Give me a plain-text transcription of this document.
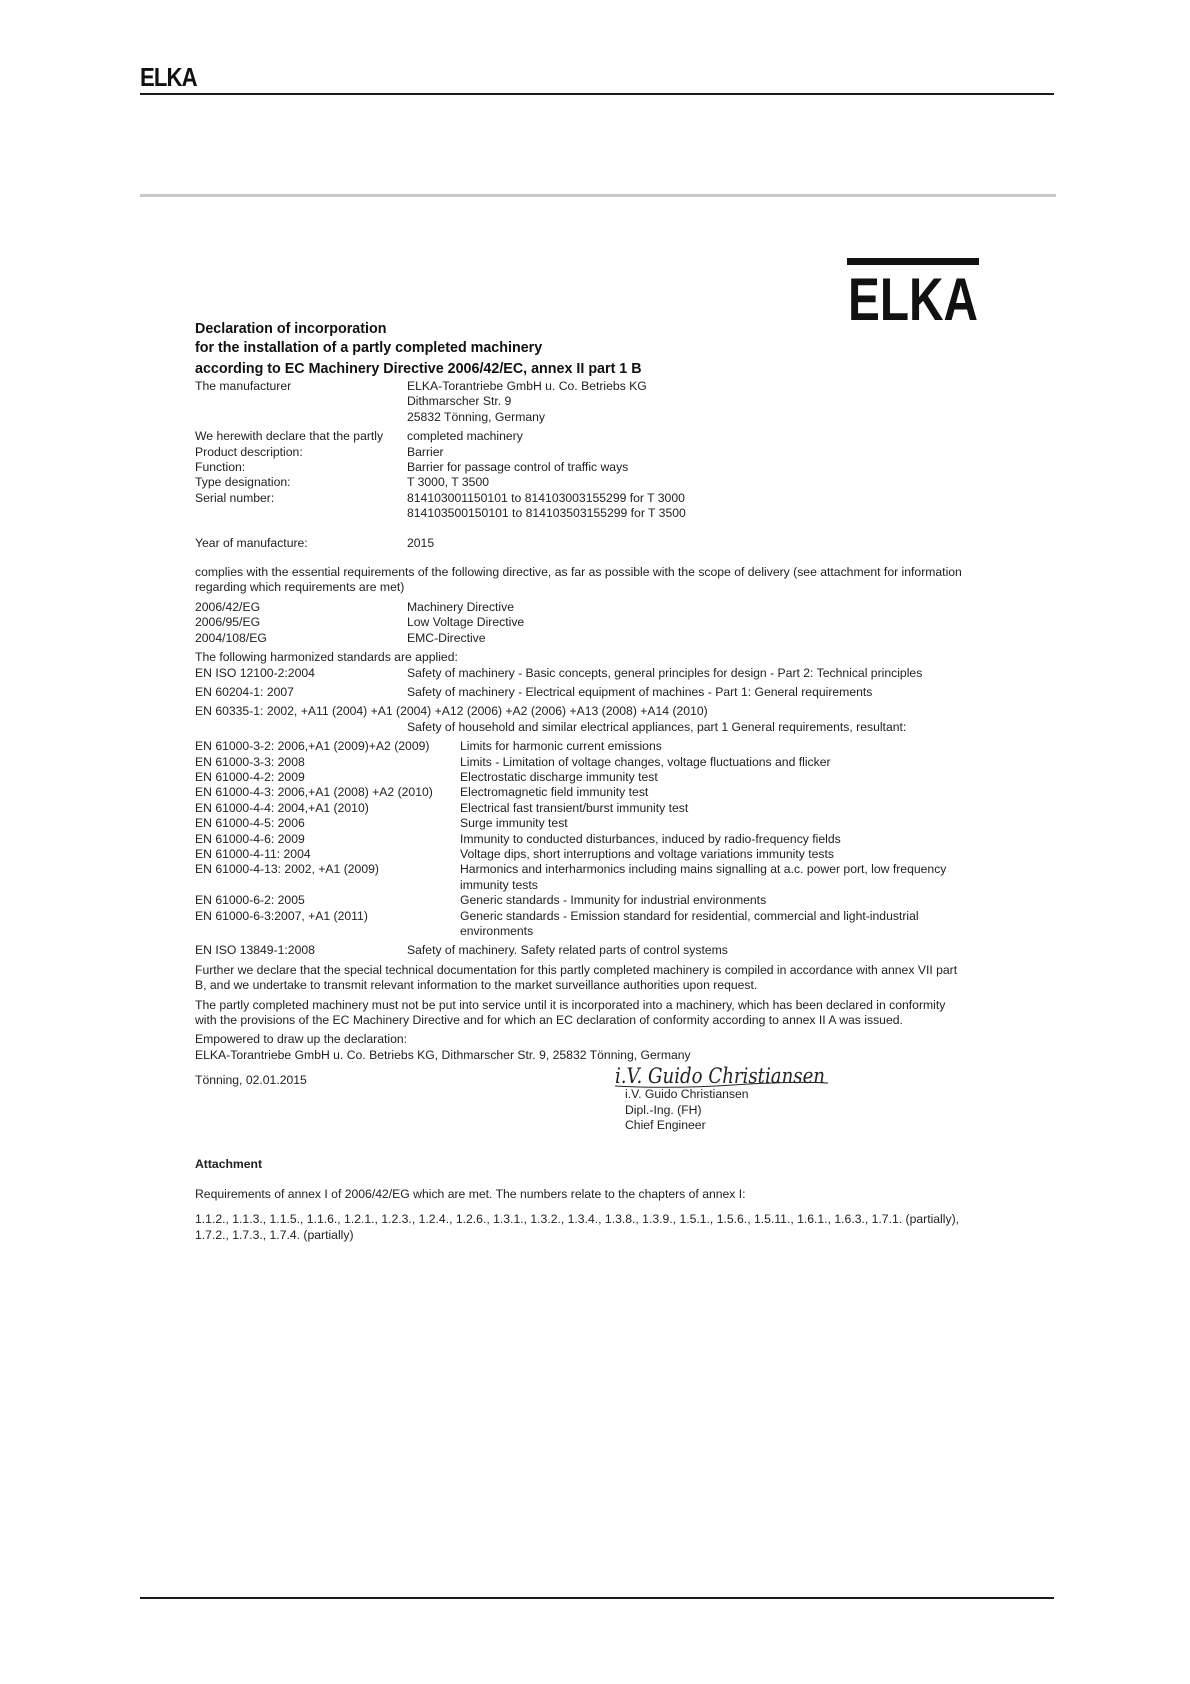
ELKA
ELKA
Declaration of incorporation
for the installation of a partly completed machinery
according to EC Machinery Directive 2006/42/EC, annex II part 1 B
The manufacturer	ELKA-Torantriebe GmbH u. Co. Betriebs KG
Dithmarscher Str. 9
25832 Tönning, Germany
We herewith declare that the partly	completed machinery
Product description:	Barrier
Function:	Barrier for passage control of traffic ways
Type designation:	T 3000, T 3500
Serial number:	814103001150101 to 814103003155299 for T 3000
814103500150101 to 814103503155299 for T 3500
Year of manufacture:	2015
complies with the essential requirements of the following directive, as far as possible with the scope of delivery (see attachment for information regarding which requirements are met)
2006/42/EG	Machinery Directive
2006/95/EG	Low Voltage Directive
2004/108/EG	EMC-Directive
The following harmonized standards are applied:
EN ISO 12100-2:2004	Safety of machinery - Basic concepts, general principles for design - Part 2: Technical principles
EN 60204-1: 2007	Safety of machinery - Electrical equipment of machines - Part 1: General requirements
EN 60335-1: 2002, +A11 (2004) +A1 (2004) +A12 (2006) +A2 (2006) +A13 (2008) +A14 (2010)
Safety of household and similar electrical appliances, part 1 General requirements, resultant:
EN 61000-3-2: 2006,+A1 (2009)+A2 (2009)	Limits for harmonic current emissions
EN 61000-3-3: 2008	Limits - Limitation of voltage changes, voltage fluctuations and flicker
EN 61000-4-2: 2009	Electrostatic discharge immunity test
EN 61000-4-3: 2006,+A1 (2008) +A2 (2010)	Electromagnetic field immunity test
EN 61000-4-4: 2004,+A1 (2010)	Electrical fast transient/burst immunity test
EN 61000-4-5: 2006	Surge immunity test
EN 61000-4-6: 2009	Immunity to conducted disturbances, induced by radio-frequency fields
EN 61000-4-11: 2004	Voltage dips, short interruptions and voltage variations immunity tests
EN 61000-4-13: 2002, +A1 (2009)	Harmonics and interharmonics including mains signalling at a.c. power port, low frequency immunity tests
EN 61000-6-2: 2005	Generic standards - Immunity for industrial environments
EN 61000-6-3:2007, +A1 (2011)	Generic standards - Emission standard for residential, commercial and light-industrial environments
EN ISO 13849-1:2008	Safety of machinery. Safety related parts of control systems
Further we declare that the special technical documentation for this partly completed machinery is compiled in accordance with annex VII part B, and we undertake to transmit relevant information to the market surveillance authorities upon request.
The partly completed machinery must not be put into service until it is incorporated into a machinery, which has been declared in conformity with the provisions of the EC Machinery Directive and for which an EC declaration of conformity according to annex II A was issued.
Empowered to draw up the declaration:
ELKA-Torantriebe GmbH u. Co. Betriebs KG, Dithmarscher Str. 9, 25832 Tönning, Germany
Tönning, 02.01.2015	i.V. Guido Christiansen
i.V. Guido Christiansen
Dipl.-Ing. (FH)
Chief Engineer
Attachment
Requirements of annex I of 2006/42/EG which are met. The numbers relate to the chapters of annex I:
1.1.2., 1.1.3., 1.1.5., 1.1.6., 1.2.1., 1.2.3., 1.2.4., 1.2.6., 1.3.1., 1.3.2., 1.3.4., 1.3.8., 1.3.9., 1.5.1., 1.5.6., 1.5.11., 1.6.1., 1.6.3., 1.7.1. (partially), 1.7.2., 1.7.3., 1.7.4. (partially)
